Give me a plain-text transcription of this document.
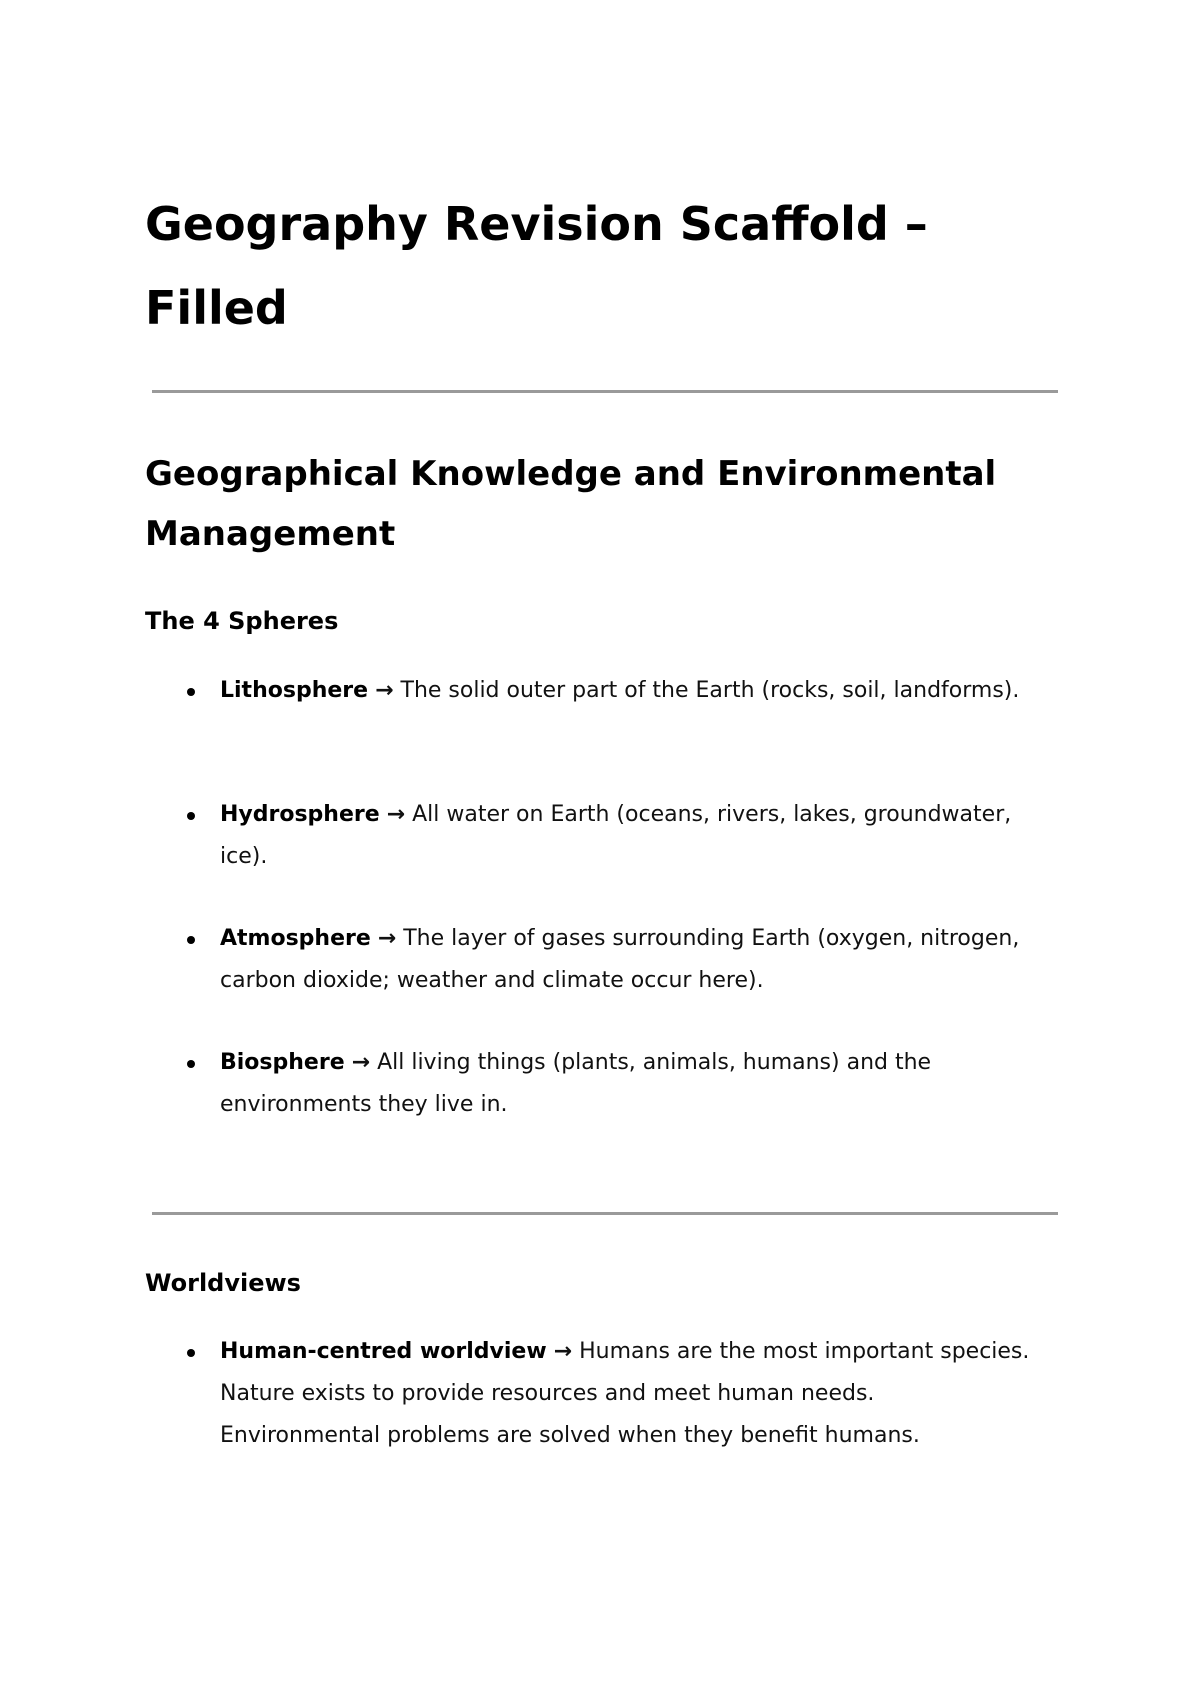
Geography Revision Scaffold – Filled
Geographical Knowledge and Environmental Management
The 4 Spheres
Lithosphere → The solid outer part of the Earth (rocks, soil, landforms).
Hydrosphere → All water on Earth (oceans, rivers, lakes, groundwater, ice).
Atmosphere → The layer of gases surrounding Earth (oxygen, nitrogen, carbon dioxide; weather and climate occur here).
Biosphere → All living things (plants, animals, humans) and the environments they live in.
Worldviews
Human-centred worldview → Humans are the most important species. Nature exists to provide resources and meet human needs. Environmental problems are solved when they benefit humans.
